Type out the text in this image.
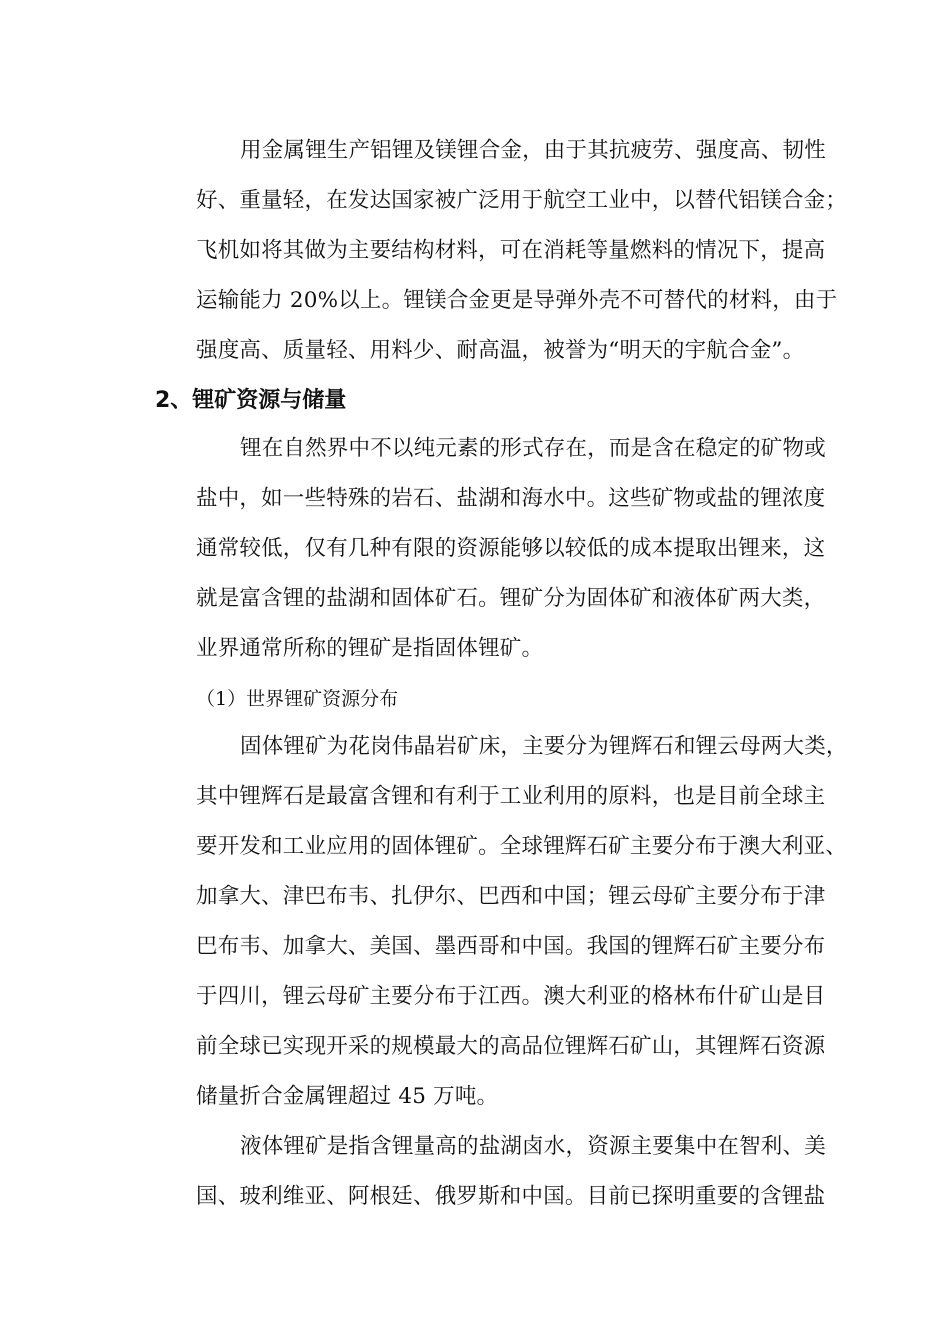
用金属锂生产铝锂及镁锂合金，由于其抗疲劳、强度高、韧性
好、重量轻，在发达国家被广泛用于航空工业中，以替代铝镁合金；
飞机如将其做为主要结构材料，可在消耗等量燃料的情况下，提高
运输能力 20%以上。锂镁合金更是导弹外壳不可替代的材料，由于
强度高、质量轻、用料少、耐高温，被誉为“明天的宇航合金”。
2、锂矿资源与储量
锂在自然界中不以纯元素的形式存在，而是含在稳定的矿物或
盐中，如一些特殊的岩石、盐湖和海水中。这些矿物或盐的锂浓度
通常较低，仅有几种有限的资源能够以较低的成本提取出锂来，这
就是富含锂的盐湖和固体矿石。锂矿分为固体矿和液体矿两大类，
业界通常所称的锂矿是指固体锂矿。
（1）世界锂矿资源分布
固体锂矿为花岗伟晶岩矿床，主要分为锂辉石和锂云母两大类，
其中锂辉石是最富含锂和有利于工业利用的原料，也是目前全球主
要开发和工业应用的固体锂矿。全球锂辉石矿主要分布于澳大利亚、
加拿大、津巴布韦、扎伊尔、巴西和中国；锂云母矿主要分布于津
巴布韦、加拿大、美国、墨西哥和中国。我国的锂辉石矿主要分布
于四川，锂云母矿主要分布于江西。澳大利亚的格林布什矿山是目
前全球已实现开采的规模最大的高品位锂辉石矿山，其锂辉石资源
储量折合金属锂超过 45 万吨。
液体锂矿是指含锂量高的盐湖卤水，资源主要集中在智利、美
国、玻利维亚、阿根廷、俄罗斯和中国。目前已探明重要的含锂盐
